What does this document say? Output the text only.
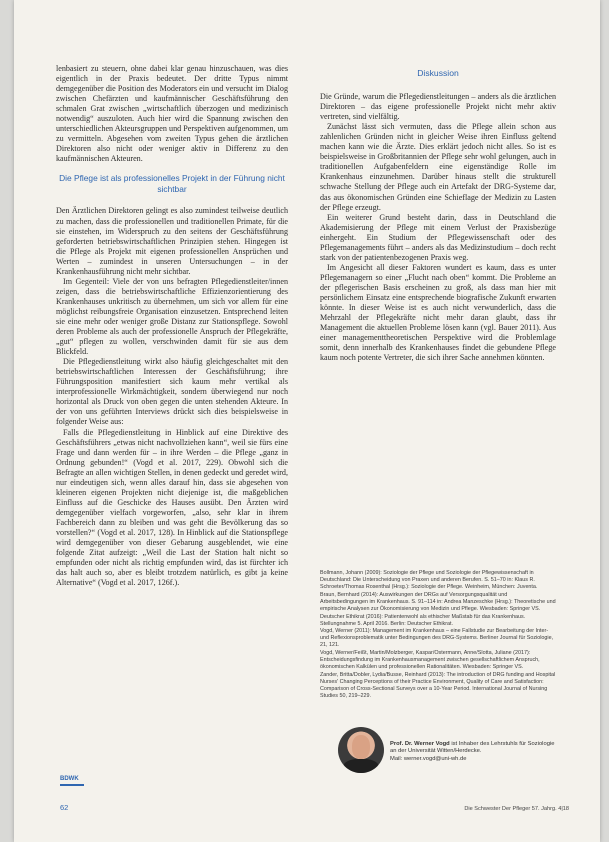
lenbasiert zu steuern, ohne dabei klar genau hinzuschauen, was dies eigentlich in der Praxis bedeutet. Der dritte Typus nimmt demgegenüber die Position des Moderators ein und versucht im Dialog zwischen Chefärzten und kaufmännischer Geschäftsführung den schmalen Grat zwischen „wirtschaftlich überzogen und medizinisch notwendig“ auszuloten. Auch hier wird die Spannung zwischen den unterschiedlichen Akteursgruppen und Perspektiven aufgenommen, um zu vermitteln. Abgesehen vom zweiten Typus gehen die ärztlichen Direktoren also nicht oder weniger aktiv in Differenz zu den kaufmännischen Akteuren.

Die Pflege ist als professionelles Projekt in der Führung nicht sichtbar

Den Ärztlichen Direktoren gelingt es also zumindest teilweise deutlich zu machen, dass die professionellen und traditionellen Primate, für die sie einstehen, im Widerspruch zu den seitens der Geschäftsführung geforderten betriebswirtschaftlichen Prinzipien stehen. Hingegen ist die Pflege als Projekt mit eigenen professionellen Ansprüchen und Werten – zumindest in unseren Untersuchungen – in der Krankenhausführung nicht mehr sichtbar.

Im Gegenteil: Viele der von uns befragten Pflegedienstleiter/innen zeigen, dass die betriebswirtschaftliche Effizienzorientierung des Krankenhauses unkritisch zu übernehmen, um sich vor allem für eine möglichst reibungsfreie Organisation einzusetzen. Entsprechend leiten sie eine mehr oder weniger große Distanz zur Stationspflege. Sowohl deren Probleme als auch der professionelle Anspruch der Pflegekräfte, „gut“ pflegen zu wollen, verschwinden damit für sie aus dem Blickfeld.

Die Pflegedienstleitung wirkt also häufig gleichgeschaltet mit den betriebswirtschaftlichen Interessen der Geschäftsführung; ihre Führungsposition manifestiert sich kaum mehr vertikal als interprofessionelle Wirkmächtigkeit, sondern überwiegend nur noch horizontal als Druck von oben gegen die unten stehenden Akteure. In der von uns geführten Interviews drückt sich dies beispielsweise in folgender Weise aus:

Falls die Pflegedienstleitung in Hinblick auf eine Direktive des Geschäftsführers „etwas nicht nachvollziehen kann“, weil sie fürs eine Frage und dann werden für – in ihre Werden – die Pflege „ganz in Ordnung gebunden!“ (Vogd et al. 2017, 229). Obwohl sich die Befragte an allen wichtigen Stellen, in denen gedeckt und geredet wird, nur eindeutigen sich, wenn alles darauf hin, dass sie abgesehen von kleineren eigenen Projekten nicht diejenige ist, die maßgeblichen Einfluss auf die Geschicke des Hauses ausübt. Den Ärzten wird demgegenüber vielfach vorgeworfen, „also, sehr klar in ihrem Fachbereich dann zu bleiben und was geht die Bevölkerung das so vorstellen?“ (Vogd et al. 2017, 128). In Hinblick auf die Stationspflege wird demgegenüber von dieser Gebarung ausgeblendet, wie eine folgende Zitat aufzeigt: „Weil die Last der Station halt nicht so empfunden oder nicht als richtig empfunden wird, das ist fürchter ich das halt auch so, aber es bleibt trotzdem natürlich, es gibt ja keine Alternative“ (Vogd et al. 2017, 126f.).

Diskussion

Die Gründe, warum die Pflegedienstleitungen – anders als die ärztlichen Direktoren – das eigene professionelle Projekt nicht mehr aktiv vertreten, sind vielfältig.

Zunächst lässt sich vermuten, dass die Pflege allein schon aus zahlenlichen Gründen nicht in gleicher Weise ihren Einfluss geltend machen kann wie die Ärzte. Dies erklärt jedoch nicht alles. So ist es beispielsweise in Großbritannien der Pflege sehr wohl gelungen, auch in traditionellen Aufgabenfeldern eine eigenständige Rolle im Krankenhaus einzunehmen. Darüber hinaus stellt die strukturell schwache Stellung der Pflege auch ein Artefakt der DRG-Systeme dar, das aus ökonomischen Gründen eine Schieflage der Medizin zu Lasten der Pflege erzeugt.

Ein weiterer Grund besteht darin, dass in Deutschland die Akademisierung der Pflege mit einem Verlust der Praxisbezüge einhergeht. Ein Studium der Pflegewissenschaft oder des Pflegemanagements führt – anders als das Medizinstudium – doch recht stark von der patientenbezogenen Praxis weg.

Im Angesicht all dieser Faktoren wundert es kaum, dass es unter Pflegemanagern so einer „Flucht nach oben“ kommt. Die Probleme an der pflegerischen Basis erscheinen zu groß, als dass man hier mit persönlichem Einsatz eine entsprechende biografische Zukunft erwarten könnte. In dieser Weise ist es auch nicht verwunderlich, dass die Mehrzahl der Pflegekräfte nicht mehr daran glaubt, dass ihr Management die aktuellen Probleme lösen kann (vgl. Bauer 2011). Aus einer managementtheoretischen Perspektive wird die Problemlage somit, denn innerhalb des Krankenhauses findet die gebundene Pflege kaum noch potente Vertreter, die sich ihrer Sache annehmen könnten.

Bollmann, Johann (2009): Soziologie der Pflege und Soziologie der Pflegewissenschaft in Deutschland: Die Unterscheidung von Praxen und anderen Berufen. S. 51–70 in: Klaus R. Schroeter/Thomas Rosenthal (Hrsg.): Soziologie der Pflege. Weinheim, München: Juventa.

Braun, Bernhard (2014): Auswirkungen der DRGs auf Versorgungsqualität und Arbeitsbedingungen im Krankenhaus. S. 91–114 in: Andrea Manzeschke (Hrsg.): Theoretische und empirische Analysen zur Ökonomisierung von Medizin und Pflege. Wiesbaden: Springer VS.

Deutscher Ethikrat (2016): Patientenwohl als ethischer Maßstab für das Krankenhaus. Stellungnahme 5. April 2016. Berlin: Deutscher Ethikrat.

Vogd, Werner (2011): Management im Krankenhaus – eine Fallstudie zur Bearbeitung der Inter- und Reflexionsproblematik unter Bedingungen des DRG-Systems. Berliner Journal für Soziologie, 21, 121.

Vogd, Werner/Feißt, Martin/Molzberger, Kaspar/Ostermann, Anne/Slotta, Juliane (2017): Entscheidungsfindung im Krankenhausmanagement zwischen gesellschaftlichem Anspruch, ökonomischen Kalkülen und professionellen Rationalitäten. Wiesbaden: Springer VS.

Zander, Britta/Dobler, Lydia/Busse, Reinhard (2013): The introduction of DRG funding and Hospital Nurses' Changing Perceptions of their Practice Environment, Quality of Care and Satisfaction: Comparison of Cross-Sectional Surveys over a 10-Year Period. International Journal of Nursing Studies 50, 219–229.

Prof. Dr. Werner Vogd ist Inhaber des Lehrstuhls für Soziologie an der Universität Witten/Herdecke.
Mail: werner.vogd@uni-wh.de
BDWK
62	Die Schwester Der Pfleger 57. Jahrg. 4|18
